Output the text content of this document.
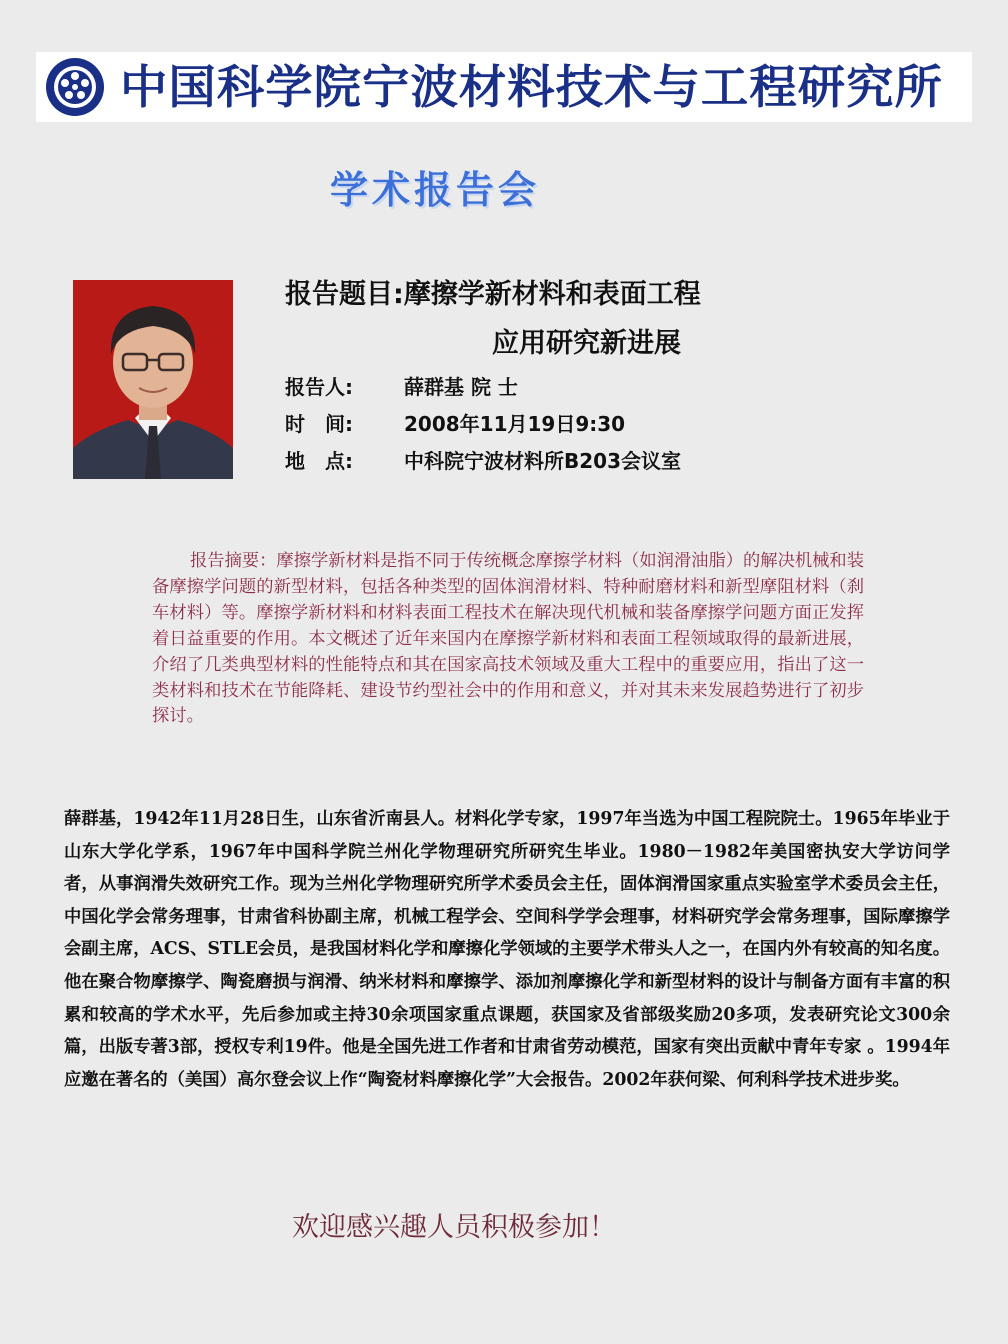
中国科学院宁波材料技术与工程研究所
学术报告会
报告题目:摩擦学新材料和表面工程
应用研究新进展
报告人:	薛群基 院 士
时　间:	2008年11月19日9:30
地　点:	中科院宁波材料所B203会议室

报告摘要：摩擦学新材料是指不同于传统概念摩擦学材料（如润滑油脂）的解决机械和装备摩擦学问题的新型材料，包括各种类型的固体润滑材料、特种耐磨材料和新型摩阻材料（刹车材料）等。摩擦学新材料和材料表面工程技术在解决现代机械和装备摩擦学问题方面正发挥着日益重要的作用。本文概述了近年来国内在摩擦学新材料和表面工程领域取得的最新进展，介绍了几类典型材料的性能特点和其在国家高技术领域及重大工程中的重要应用，指出了这一类材料和技术在节能降耗、建设节约型社会中的作用和意义，并对其未来发展趋势进行了初步探讨。

薛群基，1942年11月28日生，山东省沂南县人。材料化学专家，1997年当选为中国工程院院士。1965年毕业于山东大学化学系，1967年中国科学院兰州化学物理研究所研究生毕业。1980－1982年美国密执安大学访问学者，从事润滑失效研究工作。现为兰州化学物理研究所学术委员会主任，固体润滑国家重点实验室学术委员会主任，中国化学会常务理事，甘肃省科协副主席，机械工程学会、空间科学学会理事，材料研究学会常务理事，国际摩擦学会副主席，ACS、STLE会员，是我国材料化学和摩擦化学领域的主要学术带头人之一，在国内外有较高的知名度。他在聚合物摩擦学、陶瓷磨损与润滑、纳米材料和摩擦学、添加剂摩擦化学和新型材料的设计与制备方面有丰富的积累和较高的学术水平，先后参加或主持30余项国家重点课题，获国家及省部级奖励20多项，发表研究论文300余篇，出版专著3部，授权专利19件。他是全国先进工作者和甘肃省劳动模范，国家有突出贡献中青年专家 。1994年应邀在著名的（美国）高尔登会议上作“陶瓷材料摩擦化学”大会报告。2002年获何梁、何利科学技术进步奖。

欢迎感兴趣人员积极参加！
